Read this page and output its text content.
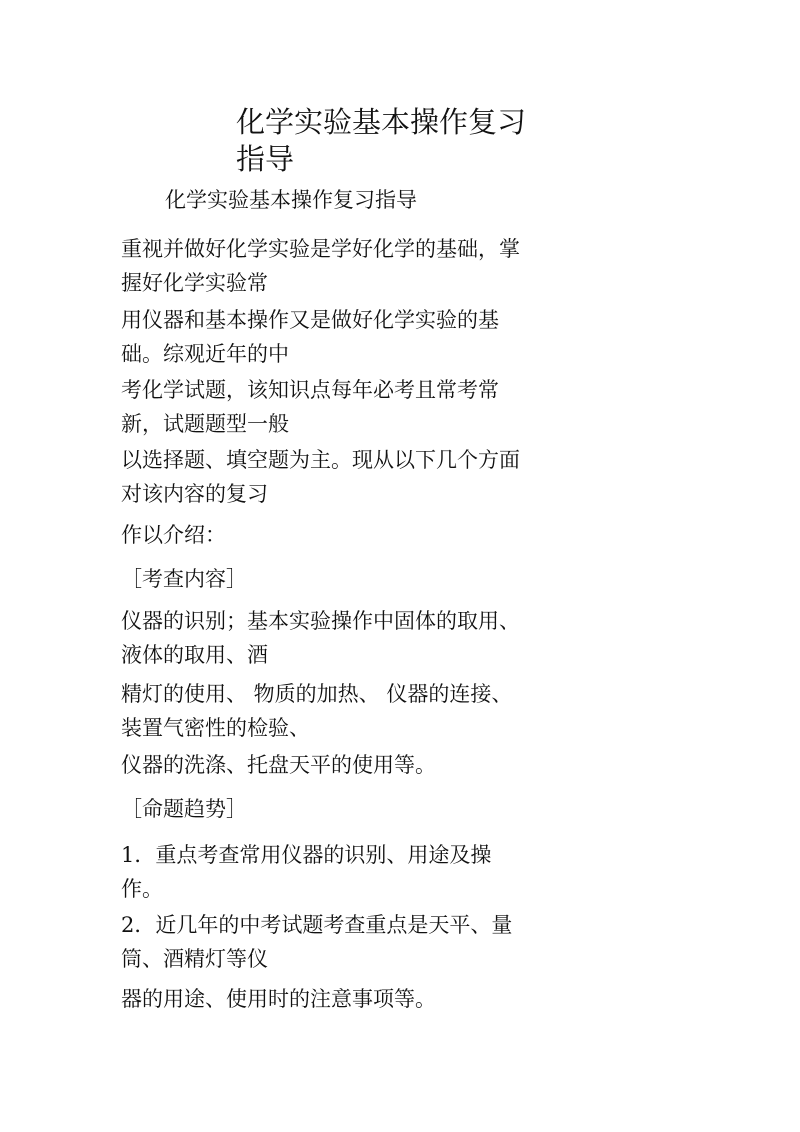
化学实验基本操作复习
指导

化学实验基本操作复习指导

重视并做好化学实验是学好化学的基础，掌
握好化学实验常

用仪器和基本操作又是做好化学实验的基
础。综观近年的中

考化学试题，该知识点每年必考且常考常
新，试题题型一般

以选择题、填空题为主。现从以下几个方面
对该内容的复习

作以介绍：

［考查内容］

仪器的识别；基本实验操作中固体的取用、
液体的取用、酒

精灯的使用、 物质的加热、 仪器的连接、
装置气密性的检验、

仪器的洗涤、托盘天平的使用等。

［命题趋势］

1．重点考查常用仪器的识别、用途及操
作。

2．近几年的中考试题考查重点是天平、量
筒、酒精灯等仪

器的用途、使用时的注意事项等。
